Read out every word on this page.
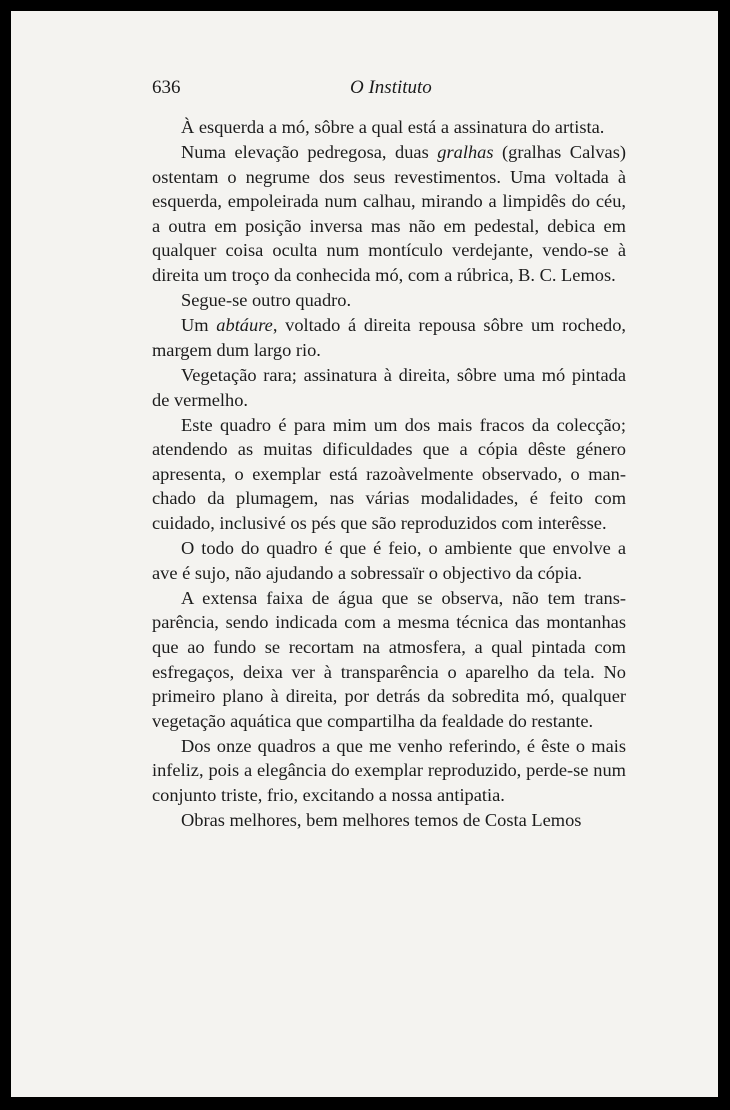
636	O Instituto

À esquerda a mó, sôbre a qual está a assinatura do artista.

Numa elevação pedregosa, duas gralhas (gralhas Calvas) ostentam o negrume dos seus revestimentos. Uma voltada à esquerda, empoleirada num calhau, mirando a limpidês do céu, a outra em posição inversa mas não em pedestal, debica em qualquer coisa oculta num montículo verdejante, vendo-se à direita um troço da conhecida mó, com a rúbrica, B. C. Lemos.

Segue-se outro quadro.

Um abtáure, voltado á direita repousa sôbre um rochedo, margem dum largo rio.

Vegetação rara; assinatura à direita, sôbre uma mó pintada de vermelho.

Este quadro é para mim um dos mais fracos da colecção; atendendo as muitas dificuldades que a cópia dêste género apresenta, o exemplar está razoàvelmente observado, o manchado da plumagem, nas várias modalidades, é feito com cuidado, inclusivé os pés que são reproduzidos com interêsse.

O todo do quadro é que é feio, o ambiente que envolve a ave é sujo, não ajudando a sobressaïr o objectivo da cópia.

A extensa faixa de água que se observa, não tem transparência, sendo indicada com a mesma técnica das montanhas que ao fundo se recortam na atmosfera, a qual pintada com esfregaços, deixa ver à transparência o aparelho da tela. No primeiro plano à direita, por detrás da sobredita mó, qualquer vegetação aquática que compartilha da fealdade do restante.

Dos onze quadros a que me venho referindo, é êste o mais infeliz, pois a elegância do exemplar reproduzido, perde-se num conjunto triste, frio, excitando a nossa antipatia.

Obras melhores, bem melhores temos de Costa Lemos
